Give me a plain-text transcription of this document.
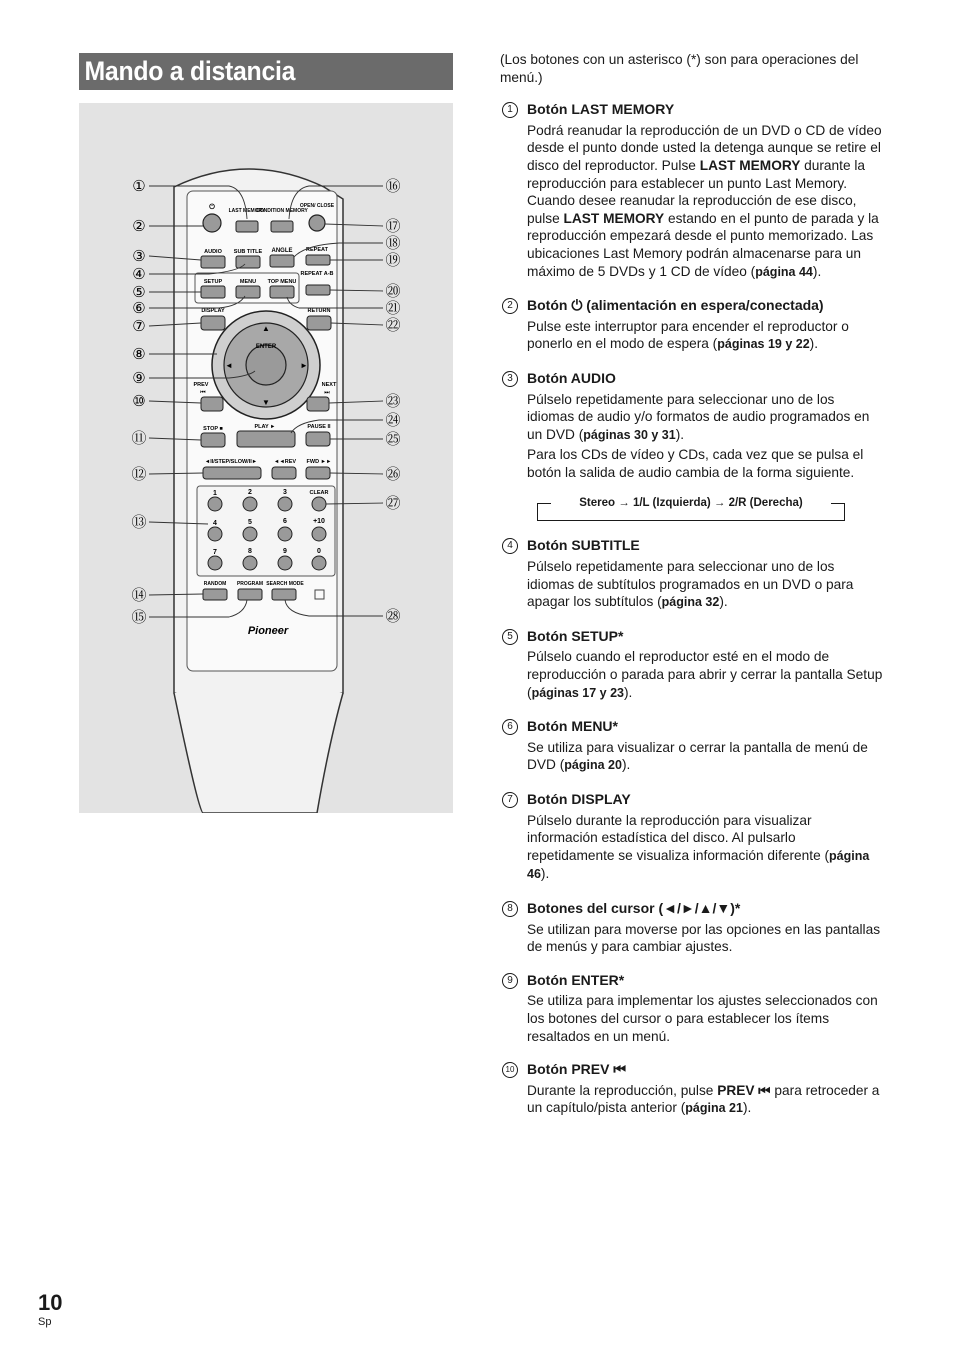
Mando a distancia
⏻	LAST MEMORY
CONDITION MEMORY
OPEN/ CLOSE
AUDIO SUB TITLE ANGLE REPEAT
REPEAT A-B
SETUP	MENU TOP MENU
DISPLAY	RETURN
ENTER
▲
▼
◄	►
PREV
⏮
NEXT
⏭
STOP ■	PLAY ►	PAUSE II
◄II/STEP/SLOW/II►	◄◄REV FWD ►►
1	2	3	CLEAR
4	5	6	+10
7	8	9	0
RANDOM PROGRAM SEARCH MODE
Pioneer
①
②
③
④
⑤
⑥
⑦
⑧
⑨
⑩
⑪
⑫
⑬
⑭
⑮
⑯
⑰
⑱
⑲
⑳
㉑
㉒
㉓
㉔
㉕
㉖
㉗
㉘

(Los botones con un asterisco (*) son para operaciones del menú.)

1	Botón LAST MEMORY

Podrá reanudar la reproducción de un DVD o CD de vídeo desde el punto donde usted la detenga aunque se retire el disco del reproductor. Pulse LAST MEMORY durante la reproducción para establecer un punto Last Memory. Cuando desee reanudar la reproducción de ese disco, pulse LAST MEMORY estando en el punto de parada y la reproducción empezará desde el punto memorizado. Las ubicaciones Last Memory podrán almacenarse para un máximo de 5 DVDs y 1 CD de vídeo (página 44).

2	Botón ⏻ (alimentación en espera/conectada)

Pulse este interruptor para encender el reproductor o ponerlo en el modo de espera (páginas 19 y 22).

3	Botón AUDIO

Púlselo repetidamente para seleccionar uno de los idiomas de audio y/o formatos de audio programados en un DVD (páginas 30 y 31).

Para los CDs de vídeo y CDs, cada vez que se pulsa el botón la salida de audio cambia de la forma siguiente.

Stereo → 1/L (Izquierda) → 2/R (Derecha)
4	Botón SUBTITLE

Púlselo repetidamente para seleccionar uno de los idiomas de subtítulos programados en un DVD o para apagar los subtítulos (página 32).

5	Botón SETUP*

Púlselo cuando el reproductor esté en el modo de reproducción o parada para abrir y cerrar la pantalla Setup (páginas 17 y 23).

6	Botón MENU*

Se utiliza para visualizar o cerrar la pantalla de menú de DVD (página 20).

7	Botón DISPLAY

Púlselo durante la reproducción para visualizar información estadística del disco. Al pulsarlo repetidamente se visualiza información diferente (página 46).

8	Botones del cursor (◄/►/▲/▼)*

Se utilizan para moverse por las opciones en las pantallas de menús y para cambiar ajustes.

9	Botón ENTER*

Se utiliza para implementar los ajustes seleccionados con los botones del cursor o para establecer los ítems resaltados en un menú.

10 Botón PREV ⏮

Durante la reproducción, pulse PREV ⏮ para retroceder a un capítulo/pista anterior (página 21).

10
Sp
